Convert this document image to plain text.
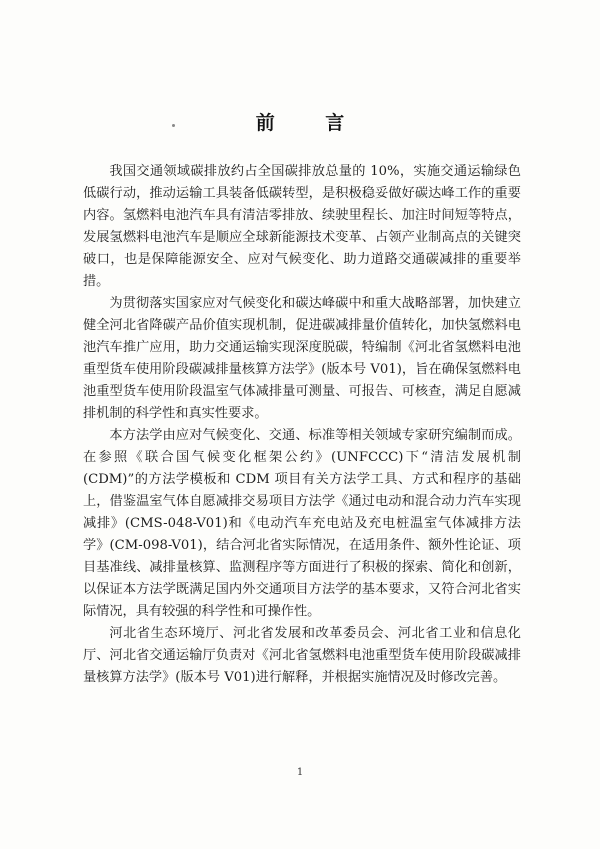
前 言

我国交通领域碳排放约占全国碳排放总量的 10%，实施交通运输绿色低碳行动，推动运输工具装备低碳转型，是积极稳妥做好碳达峰工作的重要内容。氢燃料电池汽车具有清洁零排放、续驶里程长、加注时间短等特点，发展氢燃料电池汽车是顺应全球新能源技术变革、占领产业制高点的关键突破口，也是保障能源安全、应对气候变化、助力道路交通碳减排的重要举措。

为贯彻落实国家应对气候变化和碳达峰碳中和重大战略部署，加快建立健全河北省降碳产品价值实现机制，促进碳减排量价值转化，加快氢燃料电池汽车推广应用，助力交通运输实现深度脱碳，特编制《河北省氢燃料电池重型货车使用阶段碳减排量核算方法学》(版本号 V01)，旨在确保氢燃料电池重型货车使用阶段温室气体减排量可测量、可报告、可核查，满足自愿减排机制的科学性和真实性要求。

本方法学由应对气候变化、交通、标准等相关领域专家研究编制而成。在参照《联合国气候变化框架公约》(UNFCCC)下“清洁发展机制(CDM)”的方法学模板和 CDM 项目有关方法学工具、方式和程序的基础上，借鉴温室气体自愿减排交易项目方法学《通过电动和混合动力汽车实现减排》(CMS-048-V01)和《电动汽车充电站及充电桩温室气体减排方法学》(CM-098-V01)，结合河北省实际情况，在适用条件、额外性论证、项目基准线、减排量核算、监测程序等方面进行了积极的探索、简化和创新，以保证本方法学既满足国内外交通项目方法学的基本要求，又符合河北省实际情况，具有较强的科学性和可操作性。

河北省生态环境厅、河北省发展和改革委员会、河北省工业和信息化厅、河北省交通运输厅负责对《河北省氢燃料电池重型货车使用阶段碳减排量核算方法学》(版本号 V01)进行解释，并根据实施情况及时修改完善。

1
